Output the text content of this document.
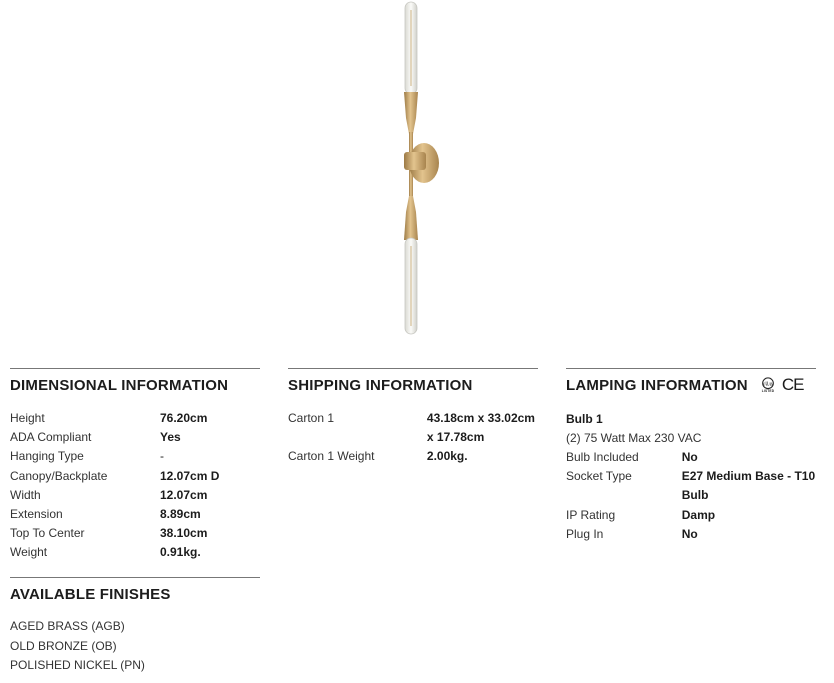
DIMENSIONAL INFORMATION
Height	76.20cm
ADA Compliant	Yes
Hanging Type	-
Canopy/Backplate	12.07cm D
Width	12.07cm
Extension	8.89cm
Top To Center	38.10cm
Weight	0.91kg.
SHIPPING INFORMATION
Carton 1	43.18cm x 33.02cm x 17.78cm
Carton 1 Weight	2.00kg.
LAMPING INFORMATION c UL us
LISTED CE
Bulb 1
(2) 75 Watt Max 230 VAC
Bulb Included	No
Socket Type	E27 Medium Base - T10 Bulb
IP Rating	Damp
Plug In	No
AVAILABLE FINISHES
AGED BRASS (AGB)
OLD BRONZE (OB)
POLISHED NICKEL (PN)
